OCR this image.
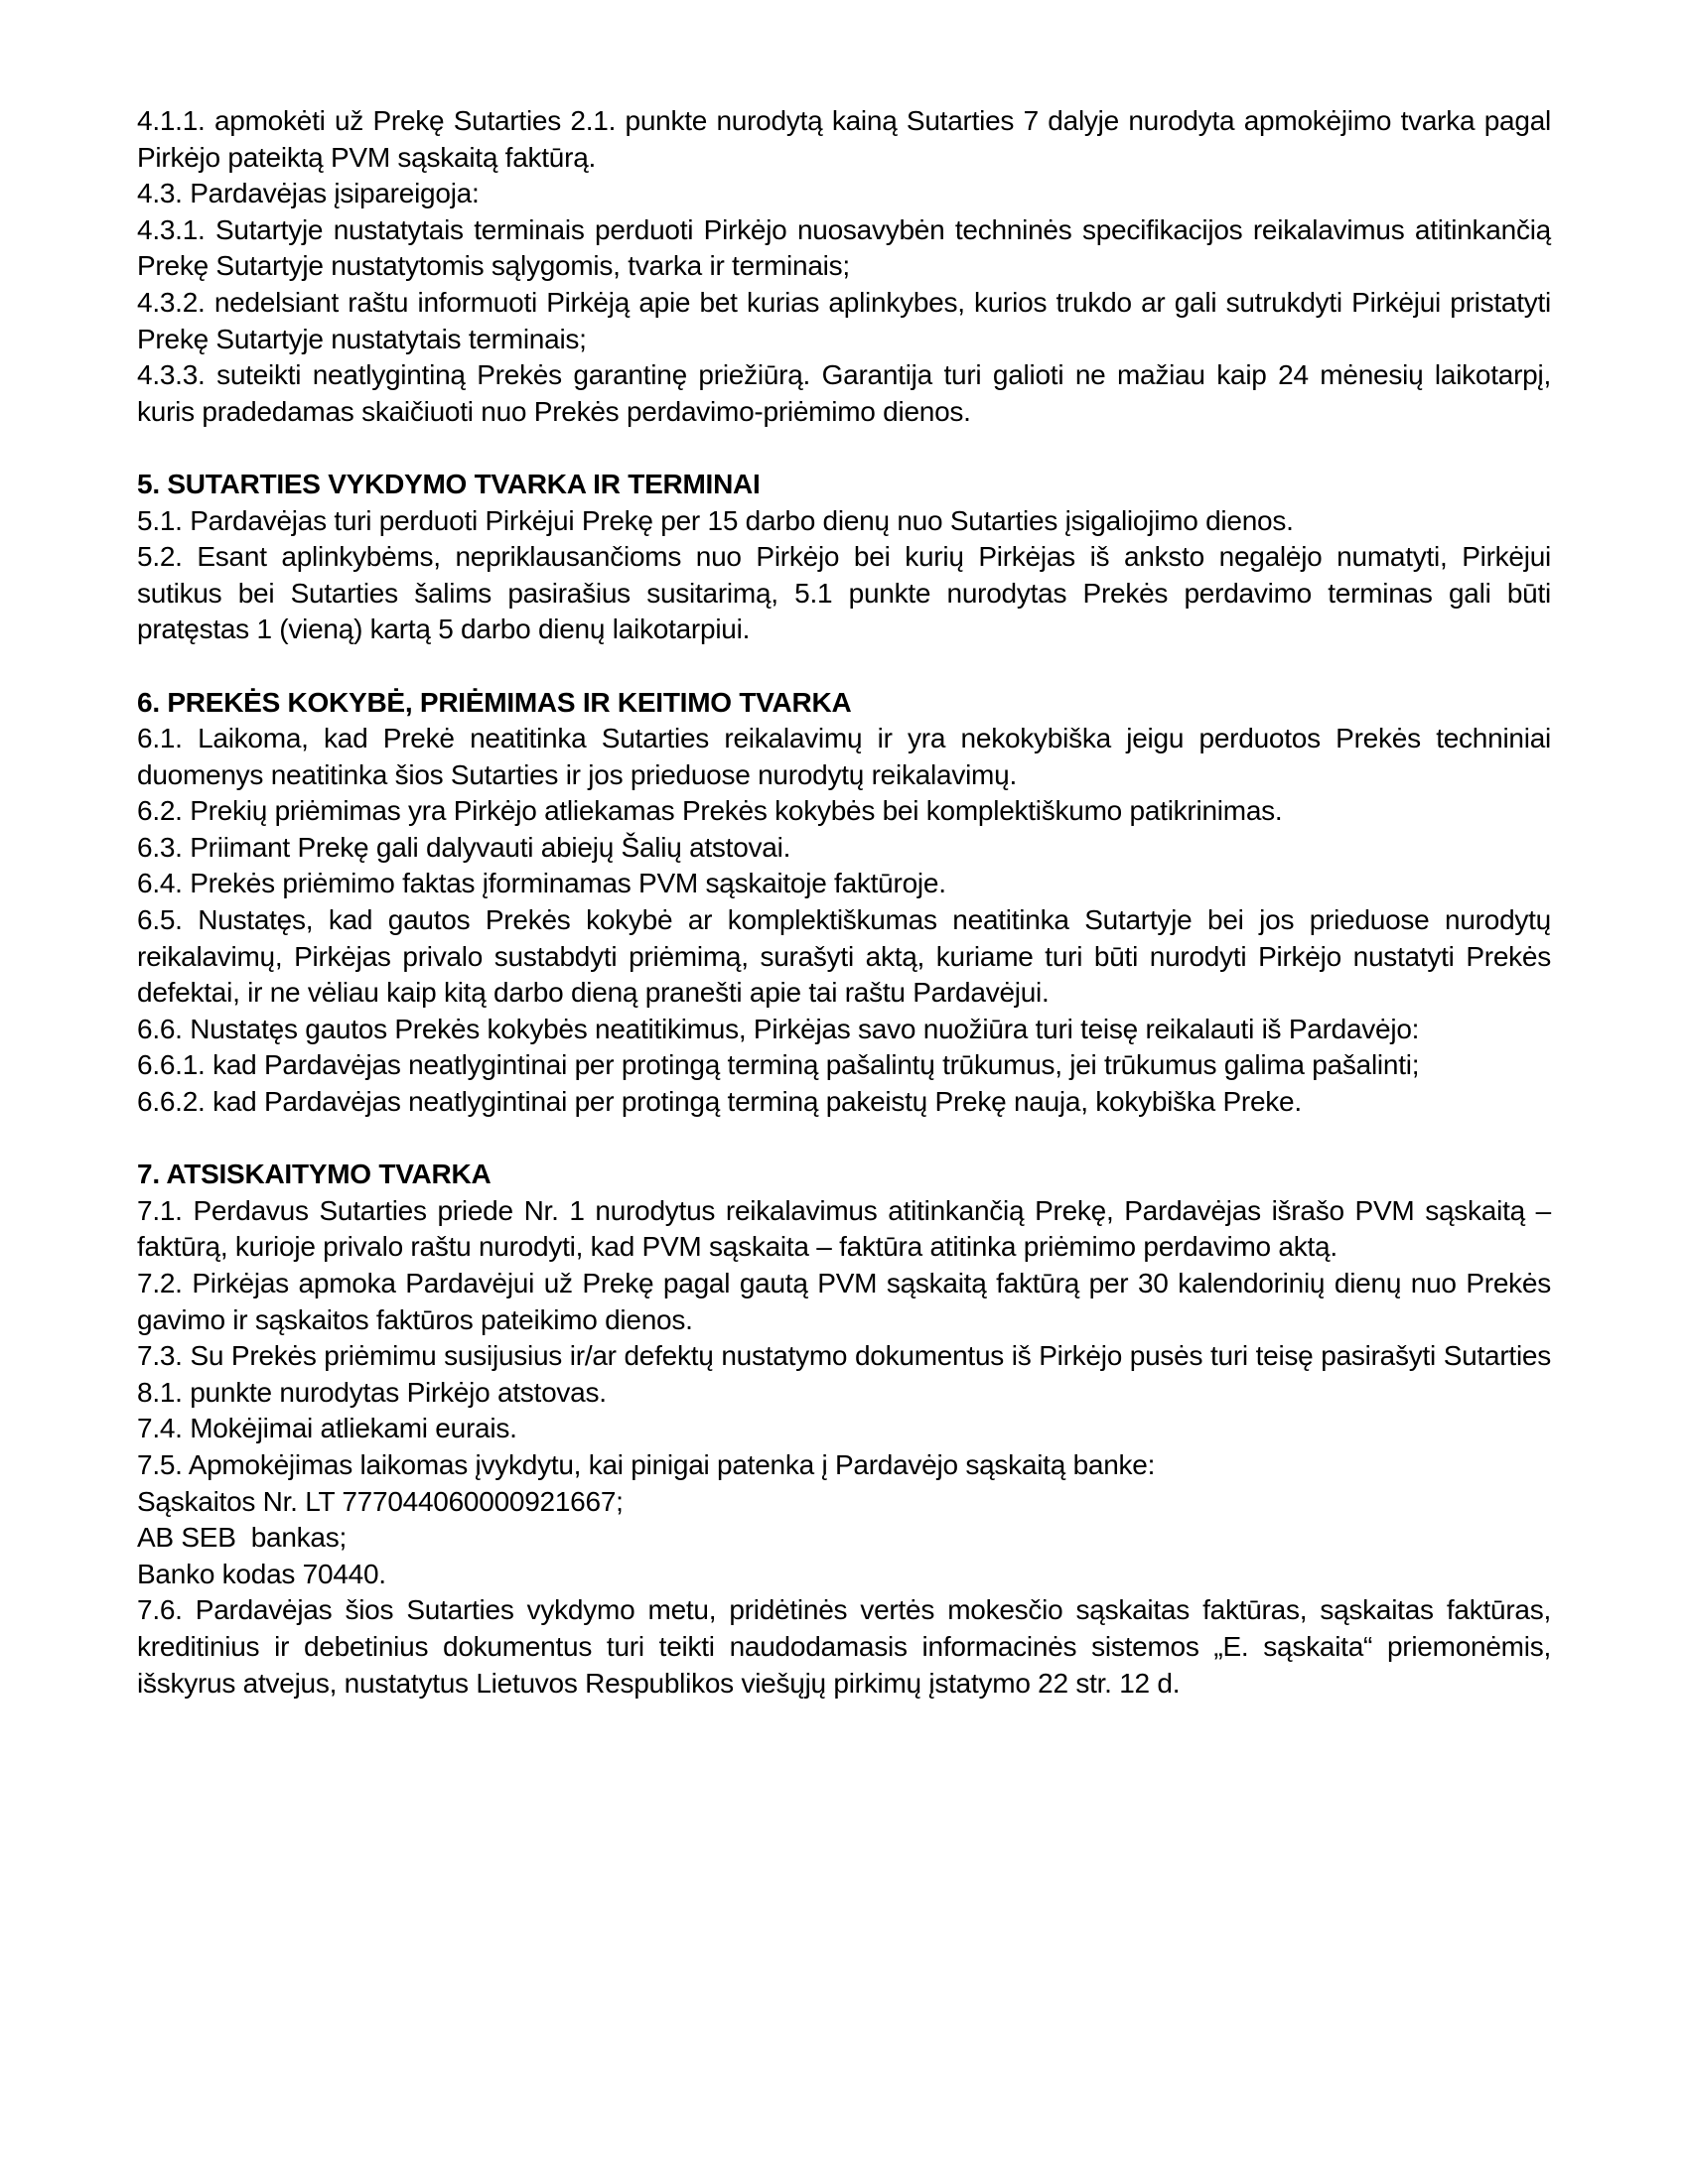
4.1.1. apmokėti už Prekę Sutarties 2.1. punkte nurodytą kainą Sutarties 7 dalyje nurodyta apmokėjimo tvarka pagal Pirkėjo pateiktą PVM sąskaitą faktūrą.

4.3. Pardavėjas įsipareigoja:

4.3.1. Sutartyje nustatytais terminais perduoti Pirkėjo nuosavybėn techninės specifikacijos reikalavimus atitinkančią Prekę Sutartyje nustatytomis sąlygomis, tvarka ir terminais;

4.3.2. nedelsiant raštu informuoti Pirkėją apie bet kurias aplinkybes, kurios trukdo ar gali sutrukdyti Pirkėjui pristatyti Prekę Sutartyje nustatytais terminais;

4.3.3. suteikti neatlygintiną Prekės garantinę priežiūrą. Garantija turi galioti ne mažiau kaip 24 mėnesių laikotarpį, kuris pradedamas skaičiuoti nuo Prekės perdavimo-priėmimo dienos.

5. SUTARTIES VYKDYMO TVARKA IR TERMINAI

5.1. Pardavėjas turi perduoti Pirkėjui Prekę per 15 darbo dienų nuo Sutarties įsigaliojimo dienos.

5.2. Esant aplinkybėms, nepriklausančioms nuo Pirkėjo bei kurių Pirkėjas iš anksto negalėjo numatyti, Pirkėjui sutikus bei Sutarties šalims pasirašius susitarimą, 5.1 punkte nurodytas Prekės perdavimo terminas gali būti pratęstas 1 (vieną) kartą 5 darbo dienų laikotarpiui.

6. PREKĖS KOKYBĖ, PRIĖMIMAS IR KEITIMO TVARKA

6.1. Laikoma, kad Prekė neatitinka Sutarties reikalavimų ir yra nekokybiška jeigu perduotos Prekės techniniai duomenys neatitinka šios Sutarties ir jos prieduose nurodytų reikalavimų.

6.2. Prekių priėmimas yra Pirkėjo atliekamas Prekės kokybės bei komplektiškumo patikrinimas.

6.3. Priimant Prekę gali dalyvauti abiejų Šalių atstovai.

6.4. Prekės priėmimo faktas įforminamas PVM sąskaitoje faktūroje.

6.5. Nustatęs, kad gautos Prekės kokybė ar komplektiškumas neatitinka Sutartyje bei jos prieduose nurodytų reikalavimų, Pirkėjas privalo sustabdyti priėmimą, surašyti aktą, kuriame turi būti nurodyti Pirkėjo nustatyti Prekės defektai, ir ne vėliau kaip kitą darbo dieną pranešti apie tai raštu Pardavėjui.

6.6. Nustatęs gautos Prekės kokybės neatitikimus, Pirkėjas savo nuožiūra turi teisę reikalauti iš Pardavėjo:

6.6.1. kad Pardavėjas neatlygintinai per protingą terminą pašalintų trūkumus, jei trūkumus galima pašalinti;

6.6.2. kad Pardavėjas neatlygintinai per protingą terminą pakeistų Prekę nauja, kokybiška Preke.

7. ATSISKAITYMO TVARKA

7.1. Perdavus Sutarties priede Nr. 1 nurodytus reikalavimus atitinkančią Prekę, Pardavėjas išrašo PVM sąskaitą – faktūrą, kurioje privalo raštu nurodyti, kad PVM sąskaita – faktūra atitinka priėmimo perdavimo aktą.

7.2. Pirkėjas apmoka Pardavėjui už Prekę pagal gautą PVM sąskaitą faktūrą per 30 kalendorinių dienų nuo Prekės gavimo ir sąskaitos faktūros pateikimo dienos.

7.3. Su Prekės priėmimu susijusius ir/ar defektų nustatymo dokumentus iš Pirkėjo pusės turi teisę pasirašyti Sutarties 8.1. punkte nurodytas Pirkėjo atstovas.

7.4. Mokėjimai atliekami eurais.

7.5. Apmokėjimas laikomas įvykdytu, kai pinigai patenka į Pardavėjo sąskaitą banke:

Sąskaitos Nr. LT 777044060000921667;

AB SEB  bankas;

Banko kodas 70440.

7.6. Pardavėjas šios Sutarties vykdymo metu, pridėtinės vertės mokesčio sąskaitas faktūras, sąskaitas faktūras, kreditinius ir debetinius dokumentus turi teikti naudodamasis informacinės sistemos „E. sąskaita“ priemonėmis, išskyrus atvejus, nustatytus Lietuvos Respublikos viešųjų pirkimų įstatymo 22 str. 12 d.
